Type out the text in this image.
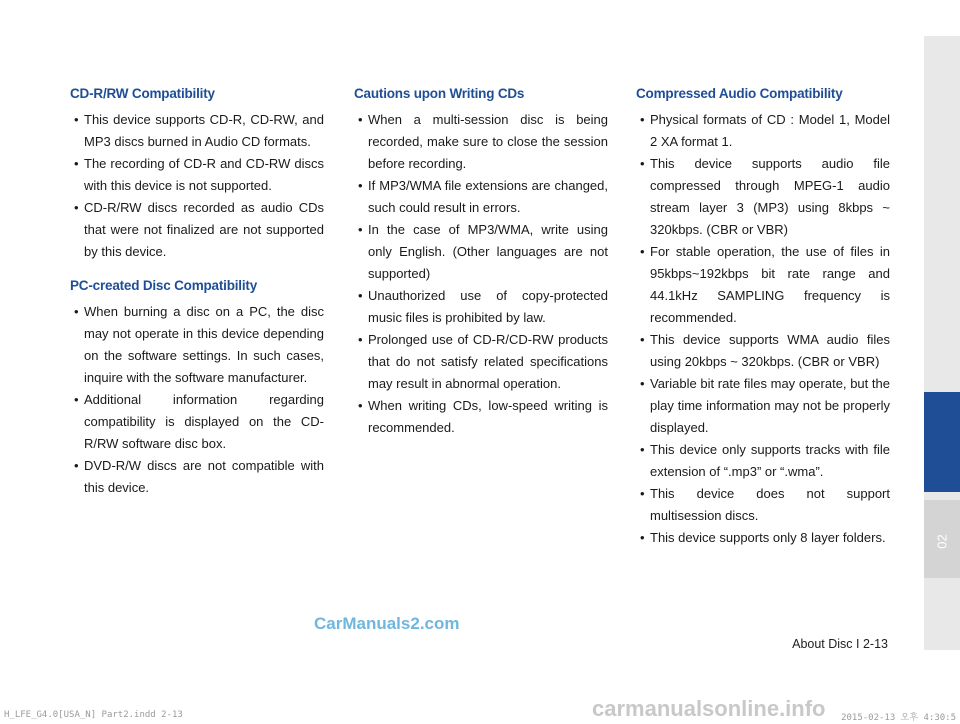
02
CD-R/RW Compatibility
• This device supports CD-R, CD-RW, and MP3 discs burned in Audio CD formats.
• The recording of CD-R and CD-RW discs with this device is not supported.
• CD-R/RW discs recorded as audio CDs that were not finalized are not supported by this device.
PC-created Disc Compatibility
• When burning a disc on a PC, the disc may not operate in this device depending on the software settings. In such cases, inquire with the software manufacturer.
• Additional information regarding compatibility is displayed on the CD-R/RW software disc box.
• DVD-R/W discs are not compatible with this device.
Cautions upon Writing CDs
• When a multi-session disc is being recorded, make sure to close the session before recording.
• If MP3/WMA file extensions are changed, such could result in errors.
• In the case of MP3/WMA, write using only English. (Other languages are not supported)
• Unauthorized use of copy-protected music files is prohibited by law.
• Prolonged use of CD-R/CD-RW products that do not satisfy related specifications may result in abnormal operation.
• When writing CDs, low-speed writing is recommended.
Compressed Audio Compatibility
• Physical formats of CD : Model 1, Model 2 XA format 1.
• This device supports audio file compressed through MPEG-1 audio stream layer 3 (MP3) using 8kbps ~ 320kbps. (CBR or VBR)
• For stable operation, the use of files in 95kbps~192kbps bit rate range and 44.1kHz SAMPLING frequency is recommended.
• This device supports WMA audio files using 20kbps ~ 320kbps. (CBR or VBR)
• Variable bit rate files may operate, but the play time information may not be properly displayed.
• This device only supports tracks with file extension of “.mp3” or “.wma”.
• This device does not support multisession discs.
• This device supports only 8 layer folders.
CarManuals2.com
About Disc I 2-13
carmanualsonline.info
H_LFE_G4.0[USA_N] Part2.indd 2-13	2015-02-13 오후 4:30:5
